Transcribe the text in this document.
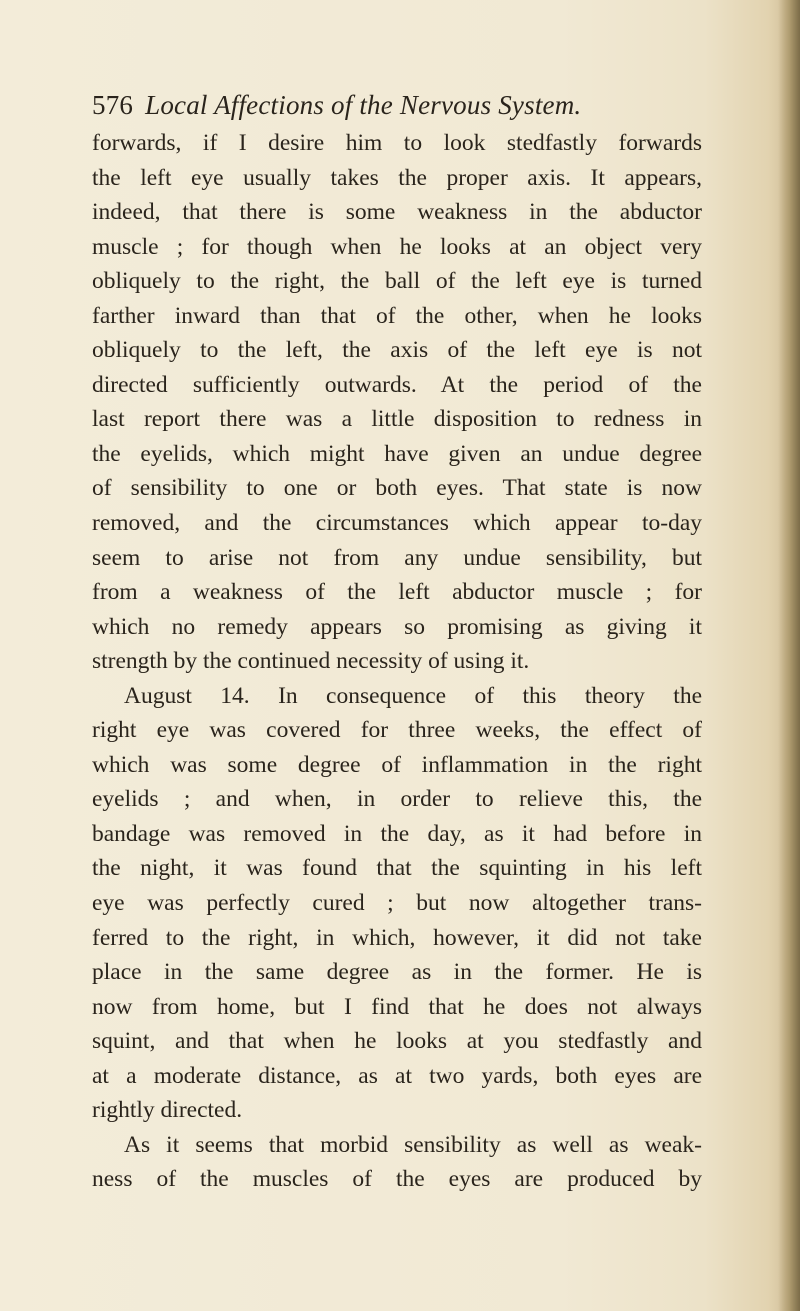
576 Local Affections of the Nervous System.
forwards, if I desire him to look stedfastly forwards
the left eye usually takes the proper axis. It appears,
indeed, that there is some weakness in the abductor
muscle ; for though when he looks at an object very
obliquely to the right, the ball of the left eye is turned
farther inward than that of the other, when he looks
obliquely to the left, the axis of the left eye is not
directed sufficiently outwards. At the period of the
last report there was a little disposition to redness in
the eyelids, which might have given an undue degree
of sensibility to one or both eyes. That state is now
removed, and the circumstances which appear to-day
seem to arise not from any undue sensibility, but
from a weakness of the left abductor muscle ; for
which no remedy appears so promising as giving it
strength by the continued necessity of using it.
August 14. In consequence of this theory the
right eye was covered for three weeks, the effect of
which was some degree of inflammation in the right
eyelids ; and when, in order to relieve this, the
bandage was removed in the day, as it had before in
the night, it was found that the squinting in his left
eye was perfectly cured ; but now altogether trans-
ferred to the right, in which, however, it did not take
place in the same degree as in the former. He is
now from home, but I find that he does not always
squint, and that when he looks at you stedfastly and
at a moderate distance, as at two yards, both eyes are
rightly directed.
As it seems that morbid sensibility as well as weak-
ness of the muscles of the eyes are produced by
